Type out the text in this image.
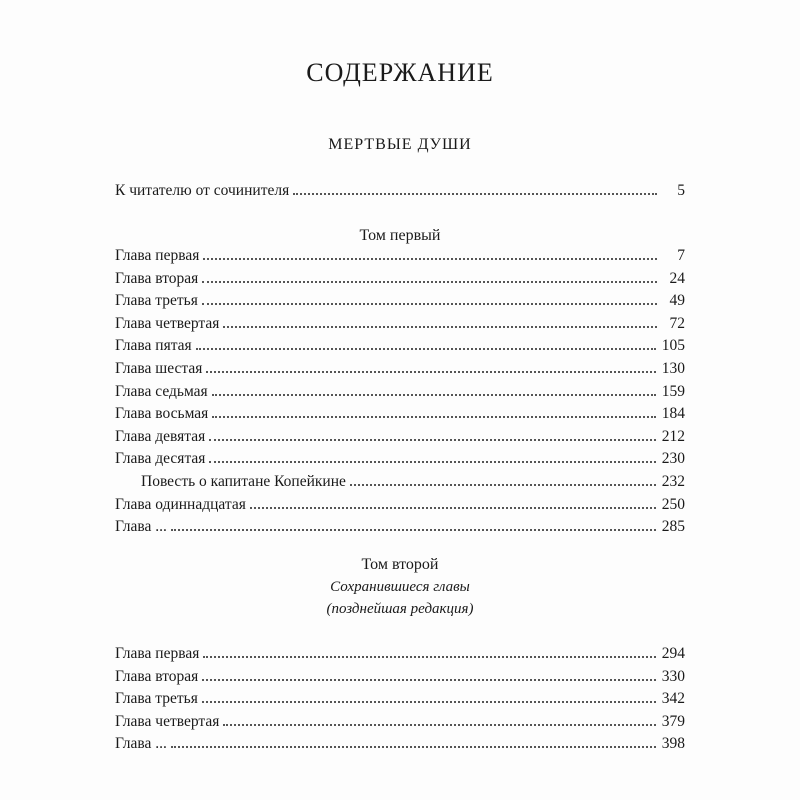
СОДЕРЖАНИЕ
МЕРТВЫЕ ДУШИ
К читателю от сочинителя	5
Том первый
Глава первая	7
Глава вторая	24
Глава третья	49
Глава четвертая	72
Глава пятая	105
Глава шестая	130
Глава седьмая	159
Глава восьмая	184
Глава девятая	212
Глава десятая	230
Повесть о капитане Копейкине	232
Глава одиннадцатая	250
Глава ...	285
Том второй
Сохранившиеся главы
(позднейшая редакция)
Глава первая	294
Глава вторая	330
Глава третья	342
Глава четвертая	379
Глава ...	398
